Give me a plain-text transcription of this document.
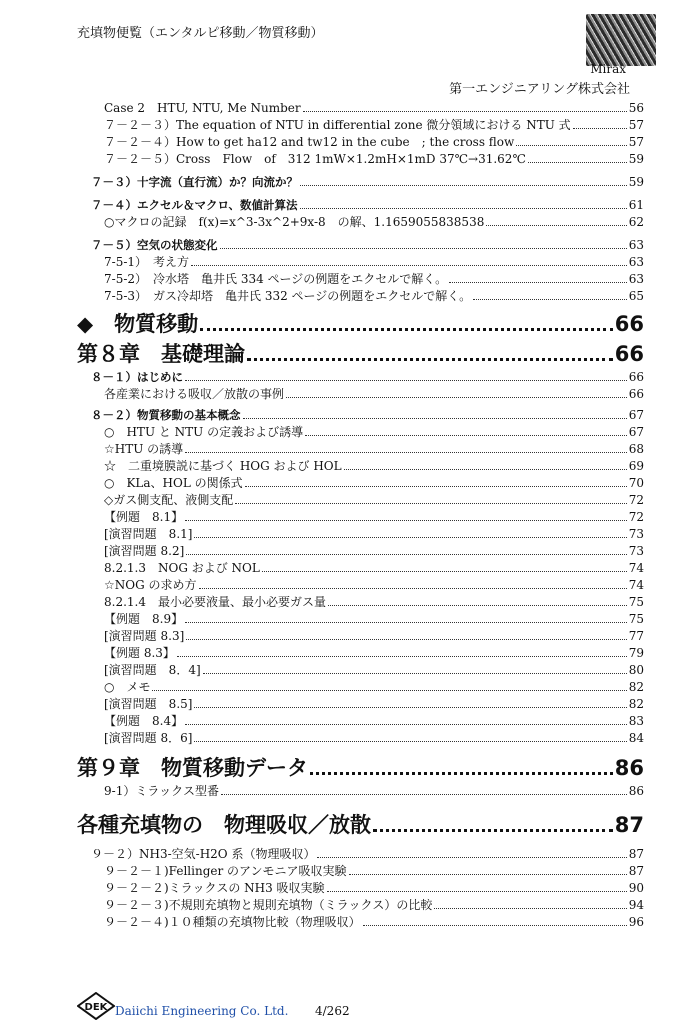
充填物便覧（エンタルピ移動／物質移動）
Mirax
第一エンジニアリング株式会社
Case 2　HTU, NTU, Me Number	56
７－２－３）The equation of NTU in differential zone 微分領域における NTU 式	57
７－２－４）How to get ha12 and tw12 in the cube　; the cross flow	57
７－２－５）Cross　Flow　of　312 1mW×1.2mH×1mD 37℃→31.62℃	59
７－３）十字流（直行流）か？向流か？	59
７－４）エクセル＆マクロ、数値計算法	61
○マクロの記録　f(x)=x^3-3x^2+9x-8　の解、1.1659055838538	62
７－５）空気の状態変化	63
7-5-1）　考え方	63
7-5-2）　冷水塔　亀井氏 334 ページの例題をエクセルで解く。	63
7-5-3）　ガス冷却塔　亀井氏 332 ページの例題をエクセルで解く。	65
◆　物質移動	66
第８章　基礎理論	66
８－１）はじめに	66
各産業における吸収／放散の事例	66
８－２）物質移動の基本概念	67
○　HTU と NTU の定義および誘導	67
☆HTU の誘導	68
☆　二重境膜説に基づく HOG および HOL	69
○　KLa、HOL の関係式	70
◇ガス側支配、液側支配	72
【例題　8.1】	72
[演習問題　8.1]	73
[演習問題 8.2]	73
8.2.1.3　NOG および NOL	74
☆NOG の求め方	74
8.2.1.4　最小必要液量、最小必要ガス量	75
【例題　8.9】	75
[演習問題 8.3]	77
【例題 8.3】	79
[演習問題　8．4]	80
○　メモ	82
[演習問題　8.5]	82
【例題　8.4】	83
[演習問題 8．6]	84
第９章　物質移動データ	86
9-1）ミラックス型番	86
各種充填物の　物理吸収／放散	87
９－２）NH3-空気-H2O 系（物理吸収）	87
９－２－１)Fellinger のアンモニア吸収実験	87
９－２－２)ミラックスの NH3 吸収実験	90
９－２－３)不規則充填物と規則充填物（ミラックス）の比較	94
９－２－４)１０種類の充填物比較（物理吸収）	96
DEK Daiichi Engineering Co. Ltd. 4/262
